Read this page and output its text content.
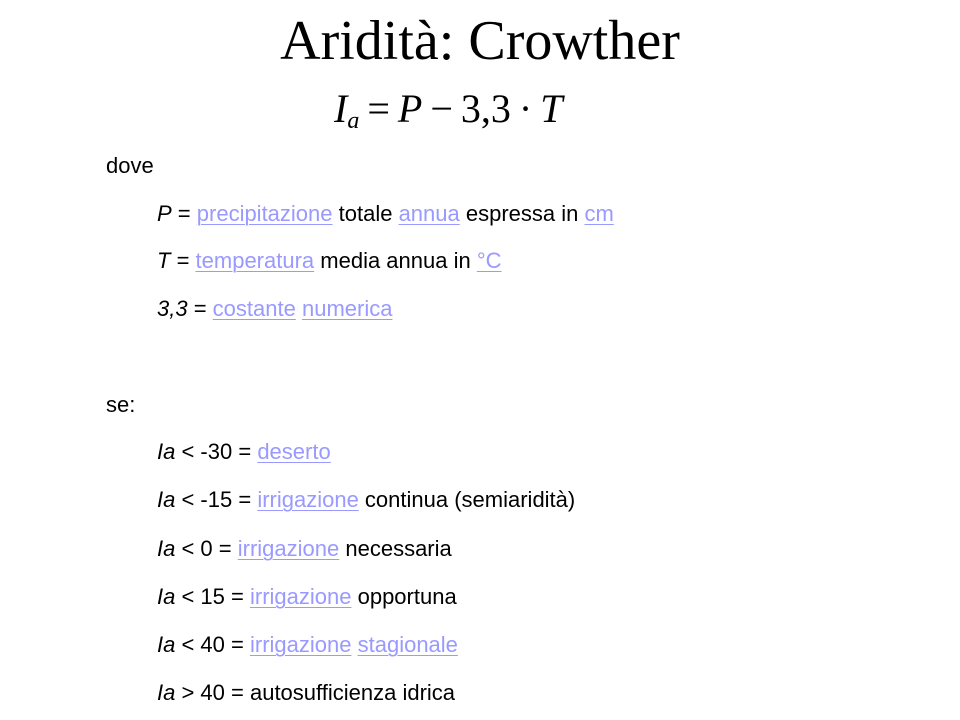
Aridità: Crowther
$I_a = P - 3,3 \cdot T$
dove
P = precipitazione totale annua espressa in cm
T = temperatura media annua in °C
3,3 = costante numerica
se:
Ia < -30 = deserto
Ia < -15 = irrigazione continua (semiaridità)
Ia < 0 = irrigazione necessaria
Ia < 15 = irrigazione opportuna
Ia < 40 = irrigazione stagionale
Ia > 40 = autosufficienza idrica
